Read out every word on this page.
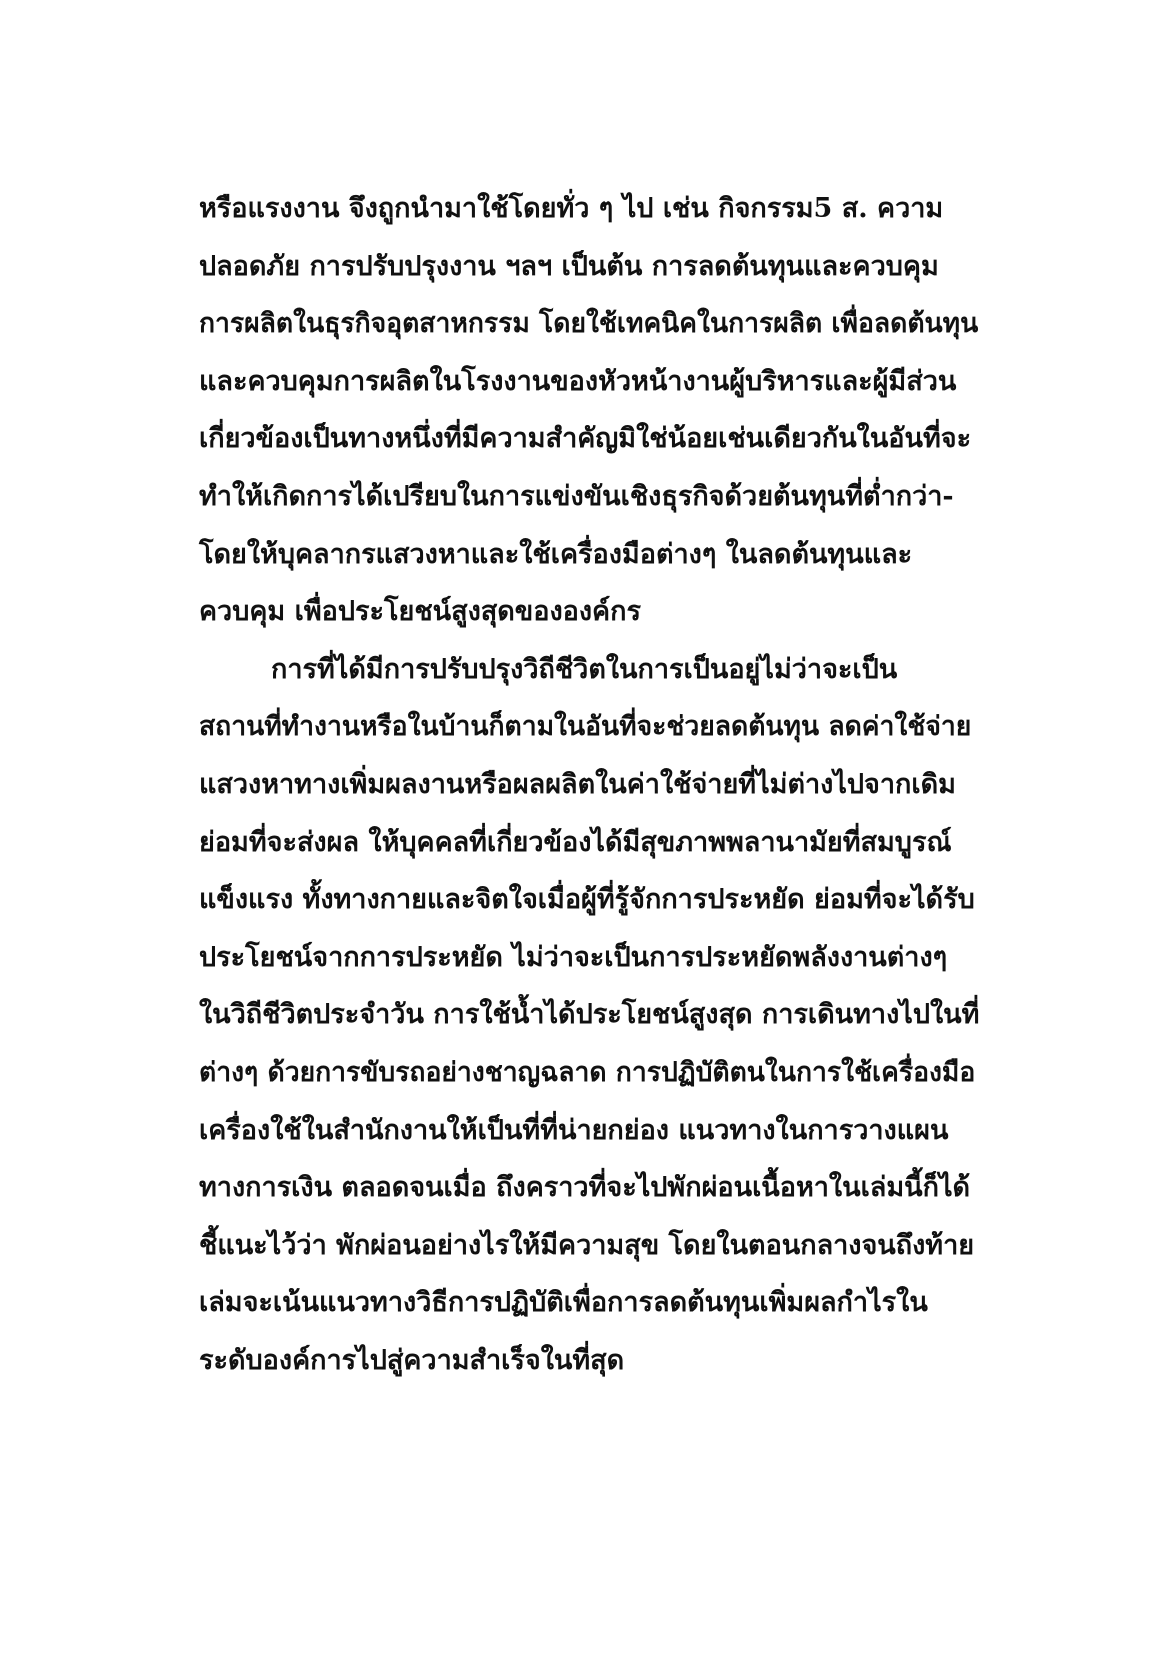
หรือแรงงาน จึงถูกนำมาใช้โดยทั่ว ๆ ไป เช่น กิจกรรม5 ส. ความ
ปลอดภัย การปรับปรุงงาน ฯลฯ เป็นต้น การลดต้นทุนและควบคุม
การผลิตในธุรกิจอุตสาหกรรม โดยใช้เทคนิคในการผลิต เพื่อลดต้นทุน
และควบคุมการผลิตในโรงงานของหัวหน้างานผู้บริหารและผู้มีส่วน
เกี่ยวข้องเป็นทางหนึ่งที่มีความสำคัญมิใช่น้อยเช่นเดียวกันในอันที่จะ
ทำให้เกิดการได้เปรียบในการแข่งขันเชิงธุรกิจด้วยต้นทุนที่ต่ำกว่า-
โดยให้บุคลากรแสวงหาและใช้เครื่องมือต่างๆ ในลดต้นทุนและ
ควบคุม เพื่อประโยชน์สูงสุดขององค์กร
การที่ได้มีการปรับปรุงวิถีชีวิตในการเป็นอยู่ไม่ว่าจะเป็น
สถานที่ทำงานหรือในบ้านก็ตามในอันที่จะช่วยลดต้นทุน ลดค่าใช้จ่าย
แสวงหาทางเพิ่มผลงานหรือผลผลิตในค่าใช้จ่ายที่ไม่ต่างไปจากเดิม
ย่อมที่จะส่งผล ให้บุคคลที่เกี่ยวข้องได้มีสุขภาพพลานามัยที่สมบูรณ์
แข็งแรง ทั้งทางกายและจิตใจเมื่อผู้ที่รู้จักการประหยัด ย่อมที่จะได้รับ
ประโยชน์จากการประหยัด ไม่ว่าจะเป็นการประหยัดพลังงานต่างๆ
ในวิถีชีวิตประจำวัน การใช้น้ำได้ประโยชน์สูงสุด การเดินทางไปในที่
ต่างๆ ด้วยการขับรถอย่างชาญฉลาด การปฏิบัติตนในการใช้เครื่องมือ
เครื่องใช้ในสำนักงานให้เป็นที่ที่น่ายกย่อง แนวทางในการวางแผน
ทางการเงิน ตลอดจนเมื่อ ถึงคราวที่จะไปพักผ่อนเนื้อหาในเล่มนี้ก็ได้
ชี้แนะไว้ว่า พักผ่อนอย่างไรให้มีความสุข โดยในตอนกลางจนถึงท้าย
เล่มจะเน้นแนวทางวิธีการปฏิบัติเพื่อการลดต้นทุนเพิ่มผลกำไรใน
ระดับองค์การไปสู่ความสำเร็จในที่สุด
